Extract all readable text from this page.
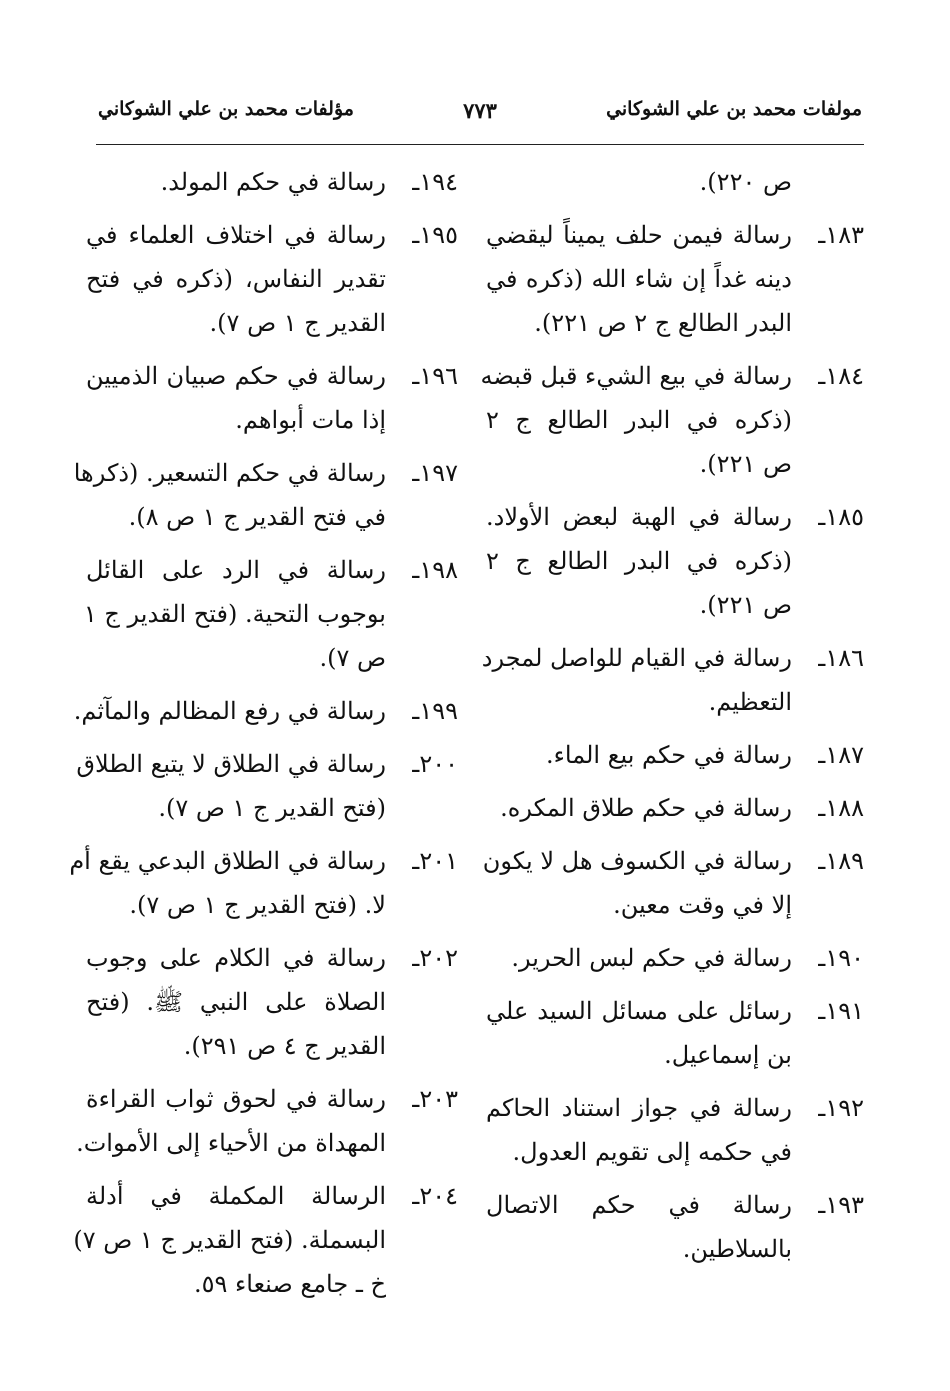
مولفات محمد بن علي الشوكاني
٧٧٣
مؤلفات محمد بن علي الشوكاني
ص ٢٢٠).
١٨٣ـ
رسالة فيمن حلف يميناً ليقضي
دينه غداً إن شاء الله (ذكره في
البدر الطالع ج ٢ ص ٢٢١).
١٨٤ـ
رسالة في بيع الشيء قبل قبضه
(ذكره في البدر الطالع ج ٢
ص ٢٢١).
١٨٥ـ
رسالة في الهبة لبعض الأولاد.
(ذكره في البدر الطالع ج ٢
ص ٢٢١).
١٨٦ـ
رسالة في القيام للواصل لمجرد
التعظيم.
١٨٧ـ
رسالة في حكم بيع الماء.
١٨٨ـ
رسالة في حكم طلاق المكره.
١٨٩ـ
رسالة في الكسوف هل لا يكون
إلا في وقت معين.
١٩٠ـ
رسالة في حكم لبس الحرير.
١٩١ـ
رسائل على مسائل السيد علي
بن إسماعيل.
١٩٢ـ
رسالة في جواز استناد الحاكم
في حكمه إلى تقويم العدول.
١٩٣ـ
رسالة في حكم الاتصال
بالسلاطين.
١٩٤ـ
رسالة في حكم المولد.
١٩٥ـ
رسالة في اختلاف العلماء في
تقدير النفاس، (ذكره في فتح
القدير ج ١ ص ٧).
١٩٦ـ
رسالة في حكم صبيان الذميين
إذا مات أبواهم.
١٩٧ـ
رسالة في حكم التسعير. (ذكرها
في فتح القدير ج ١ ص ٨).
١٩٨ـ
رسالة في الرد على القائل
بوجوب التحية. (فتح القدير ج ١
ص ٧).
١٩٩ـ
رسالة في رفع المظالم والمآثم.
٢٠٠ـ
رسالة في الطلاق لا يتبع الطلاق
(فتح القدير ج ١ ص ٧).
٢٠١ـ
رسالة في الطلاق البدعي يقع أم
لا. (فتح القدير ج ١ ص ٧).
٢٠٢ـ
رسالة في الكلام على وجوب
الصلاة على النبي ﷺ. (فتح
القدير ج ٤ ص ٢٩١).
٢٠٣ـ
رسالة في لحوق ثواب القراءة
المهداة من الأحياء إلى الأموات.
٢٠٤ـ
الرسالة المكملة في أدلة
البسملة. (فتح القدير ج ١ ص ٧)
خ ـ جامع صنعاء ٥٩.
